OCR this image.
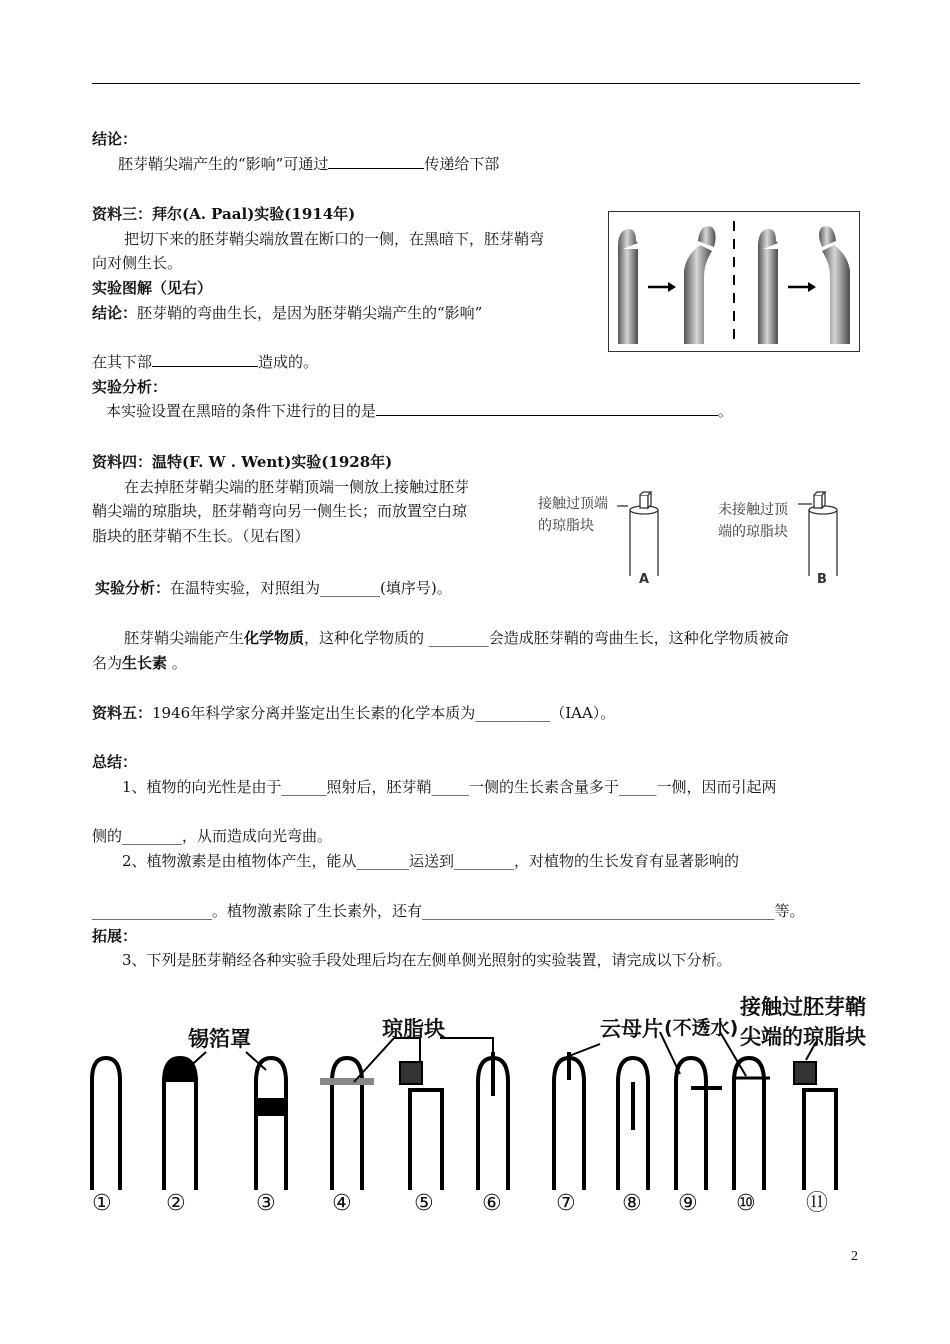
结论：
胚芽鞘尖端产生的“影响”可通过	传递给下部
资料三：拜尔(A. Paal)实验(1914年)
把切下来的胚芽鞘尖端放置在断口的一侧，在黑暗下，胚芽鞘弯
向对侧生长。
实验图解（见右）
结论：胚芽鞘的弯曲生长，是因为胚芽鞘尖端产生的“影响”
在其下部	造成的。
实验分析：
本实验设置在黑暗的条件下进行的目的是	。
资料四：温特(F. W . Went)实验(1928年)
在去掉胚芽鞘尖端的胚芽鞘顶端一侧放上接触过胚芽
鞘尖端的琼脂块，胚芽鞘弯向另一侧生长；而放置空白琼
脂块的胚芽鞘不生长。（见右图）
接触过顶端
的琼脂块
A
未接触过顶
端的琼脂块
B
实验分析：在温特实验，对照组为________(填序号)。
胚芽鞘尖端能产生化学物质，这种化学物质的 ________会造成胚芽鞘的弯曲生长，这种化学物质被命
名为生长素 。
资料五：1946年科学家分离并鉴定出生长素的化学本质为__________（IAA）。
总结：
1、植物的向光性是由于______照射后，胚芽鞘_____一侧的生长素含量多于_____一侧，因而引起两
侧的________，从而造成向光弯曲。
2、植物激素是由植物体产生，能从_______运送到________，对植物的生长发育有显著影响的
________________。植物激素除了生长素外，还有_______________________________________________等。
拓展：
3、下列是胚芽鞘经各种实验手段处理后均在左侧单侧光照射的实验装置，请完成以下分析。
锡箔罩	琼脂块	云母片 (不透水)
接触过胚芽鞘
尖端的琼脂块
① ②	③	④	⑤ ⑥ ⑦ ⑧ ⑨ ⑩ ⑪
2
